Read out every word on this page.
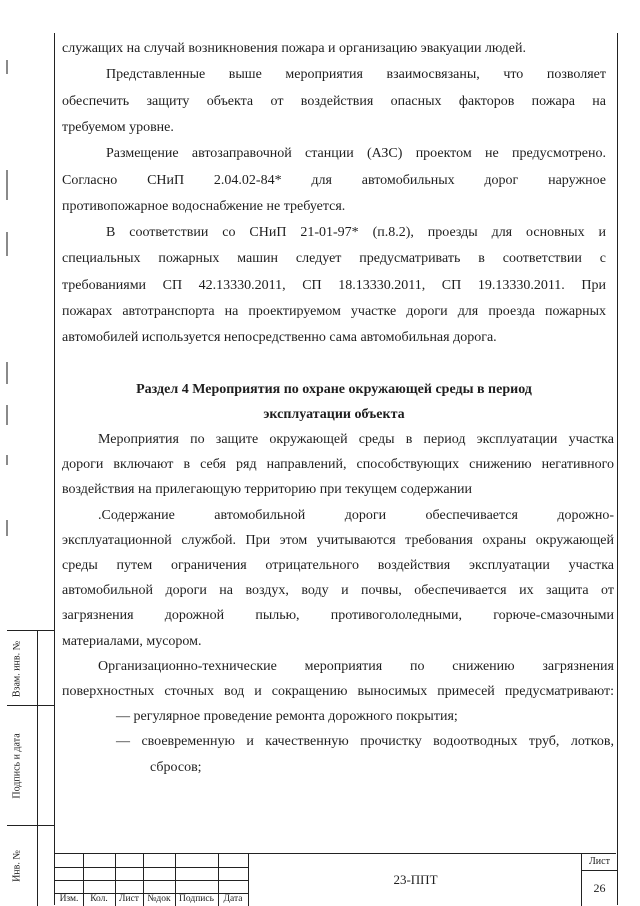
Взам. инв. №
Подпись и дата
Инв. №
служащих на случай возникновения пожара и организацию эвакуации людей.
Представленные выше мероприятия взаимосвязаны, что позволяет
обеспечить защиту объекта от воздействия опасных факторов пожара на
требуемом уровне.
Размещение автозаправочной станции (АЗС) проектом не предусмотрено.
Согласно СНиП 2.04.02-84* для автомобильных дорог наружное
противопожарное водоснабжение не требуется.
В соответствии со СНиП 21-01-97* (п.8.2), проезды для основных и
специальных пожарных машин следует предусматривать в соответствии с
требованиями СП 42.13330.2011, СП 18.13330.2011, СП 19.13330.2011. При
пожарах автотранспорта на проектируемом участке дороги для проезда пожарных
автомобилей используется непосредственно сама автомобильная дорога.
Раздел 4 Мероприятия по охране окружающей среды в период
эксплуатации объекта
Мероприятия по защите окружающей среды в период эксплуатации участка
дороги включают в себя ряд направлений, способствующих снижению негативного
воздействия на прилегающую территорию при текущем содержании
.Содержание автомобильной дороги обеспечивается дорожно-
эксплуатационной службой. При этом учитываются требования охраны окружающей
среды путем ограничения отрицательного воздействия эксплуатации участка
автомобильной дороги на воздух, воду и почвы, обеспечивается их защита от
загрязнения дорожной пылью, противогололедными, горюче-смазочными
материалами, мусором.
Организационно-технические мероприятия по снижению загрязнения
поверхностных сточных вод и сокращению выносимых примесей предусматривают:
— регулярное проведение ремонта дорожного покрытия;
— своевременную и качественную прочистку водоотводных труб, лотков,
сбросов;
Изм.	Кол.	Лист №док Подпись	Дата
23-ППТ
Лист
26
